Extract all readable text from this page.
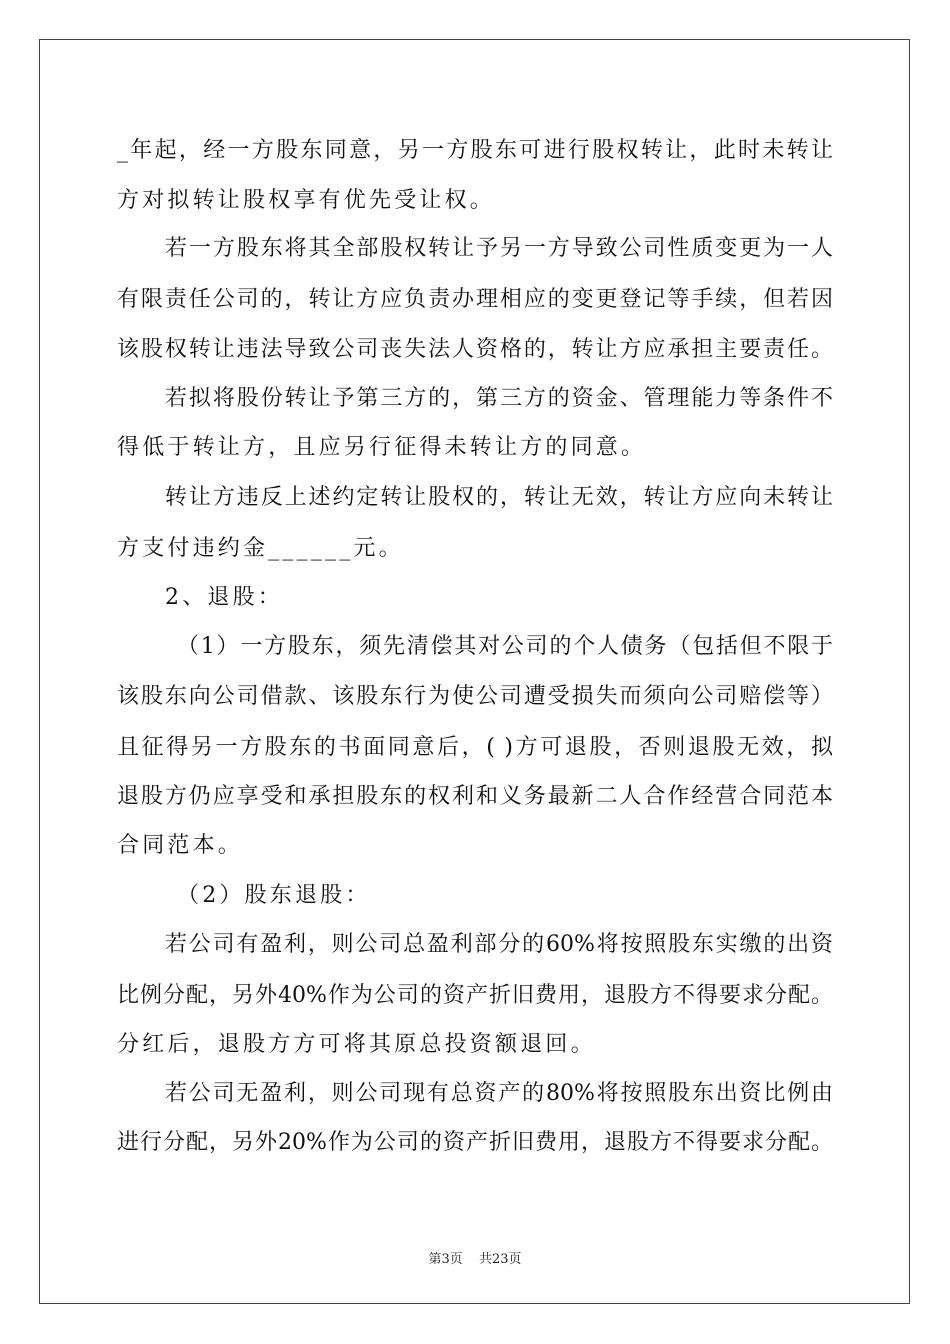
_年起，经一方股东同意，另一方股东可进行股权转让，此时未转让
方对拟转让股权享有优先受让权。
若一方股东将其全部股权转让予另一方导致公司性质变更为一人
有限责任公司的，转让方应负责办理相应的变更登记等手续，但若因
该股权转让违法导致公司丧失法人资格的，转让方应承担主要责任。
若拟将股份转让予第三方的，第三方的资金、管理能力等条件不
得低于转让方，且应另行征得未转让方的同意。
转让方违反上述约定转让股权的，转让无效，转让方应向未转让
方支付违约金______元。
2、退股：
（1）一方股东，须先清偿其对公司的个人债务（包括但不限于
该股东向公司借款、该股东行为使公司遭受损失而须向公司赔偿等）
且征得另一方股东的书面同意后，( )方可退股，否则退股无效，拟
退股方仍应享受和承担股东的权利和义务最新二人合作经营合同范本
合同范本。
（2）股东退股：
若公司有盈利，则公司总盈利部分的60%将按照股东实缴的出资
比例分配，另外40%作为公司的资产折旧费用，退股方不得要求分配。
分红后，退股方方可将其原总投资额退回。
若公司无盈利，则公司现有总资产的80%将按照股东出资比例由
进行分配，另外20%作为公司的资产折旧费用，退股方不得要求分配。
第3页 共23页
